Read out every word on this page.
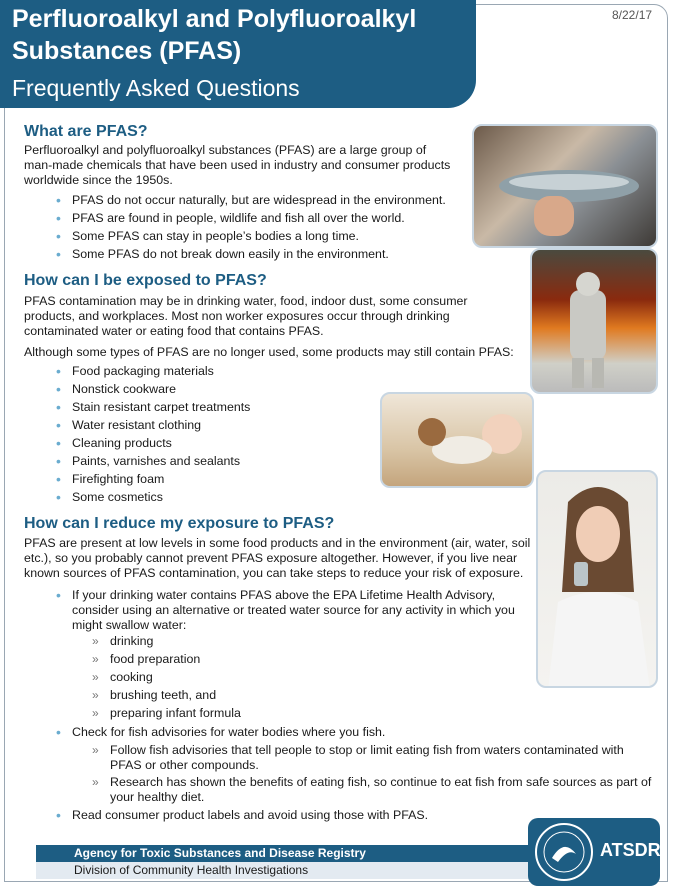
Perfluoroalkyl and Polyfluoroalkyl
Substances (PFAS)
Frequently Asked Questions
8/22/17
What are PFAS?

Perfluoroalkyl and polyfluoroalkyl substances (PFAS) are a large group of

man-made chemicals that have been used in industry and consumer products

worldwide since the 1950s.

• PFAS do not occur naturally, but are widespread in the environment.
• PFAS are found in people, wildlife and fish all over the world.
• Some PFAS can stay in people’s bodies a long time.
• Some PFAS do not break down easily in the environment.
How can I be exposed to PFAS?

PFAS contamination may be in drinking water, food, indoor dust, some consumer

products, and workplaces. Most non worker exposures occur through drinking

contaminated water or eating food that contains PFAS.

Although some types of PFAS are no longer used, some products may still contain PFAS:

• Food packaging materials
• Nonstick cookware
• Stain resistant carpet treatments
• Water resistant clothing
• Cleaning products
• Paints, varnishes and sealants
• Firefighting foam
• Some cosmetics
How can I reduce my exposure to PFAS?

PFAS are present at low levels in some food products and in the environment (air, water, soil

etc.), so you probably cannot prevent PFAS exposure altogether. However, if you live near

known sources of PFAS contamination, you can take steps to reduce your risk of exposure.

• If your drinking water contains PFAS above the EPA Lifetime Health Advisory,
consider using an alternative or treated water source for any activity in which you
might swallow water:
» drinking
» food preparation
» cooking
» brushing teeth, and
» preparing infant formula
• Check for fish advisories for water bodies where you fish.
» Follow fish advisories that tell people to stop or limit eating fish from waters contaminated with
PFAS or other compounds.
» Research has shown the benefits of eating fish, so continue to eat fish from safe sources as part of
your healthy diet.
• Read consumer product labels and avoid using those with PFAS.
Agency for Toxic Substances and Disease Registry
Division of Community Health Investigations
ATSDR
